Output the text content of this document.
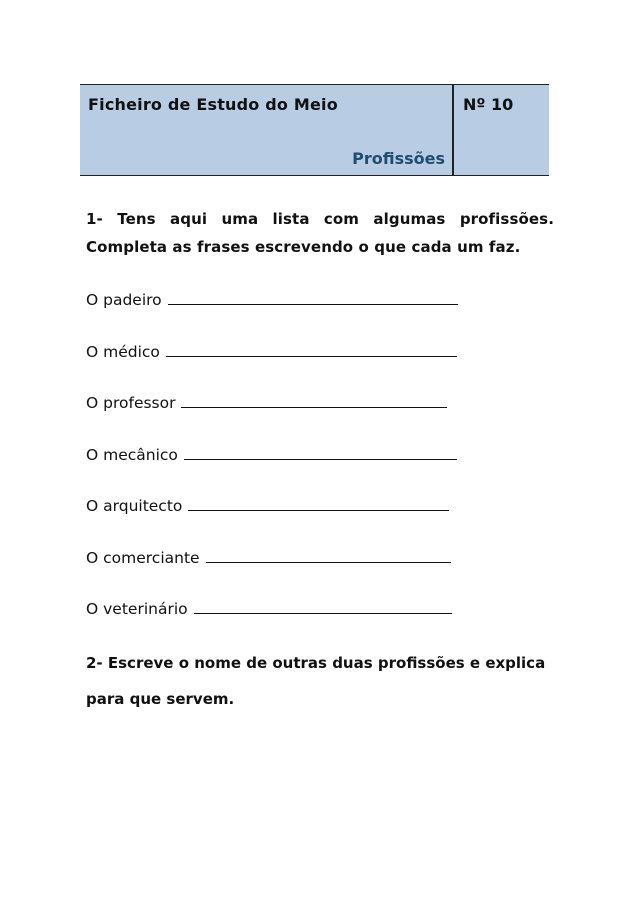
Ficheiro de Estudo do Meio
Profissões
Nº 10
1- Tens aqui uma lista com algumas profissões. Completa as frases escrevendo o que cada um faz.
O padeiro
O médico
O professor
O mecânico
O arquitecto
O comerciante
O veterinário
2- Escreve o nome de outras duas profissões e explica para que servem.
